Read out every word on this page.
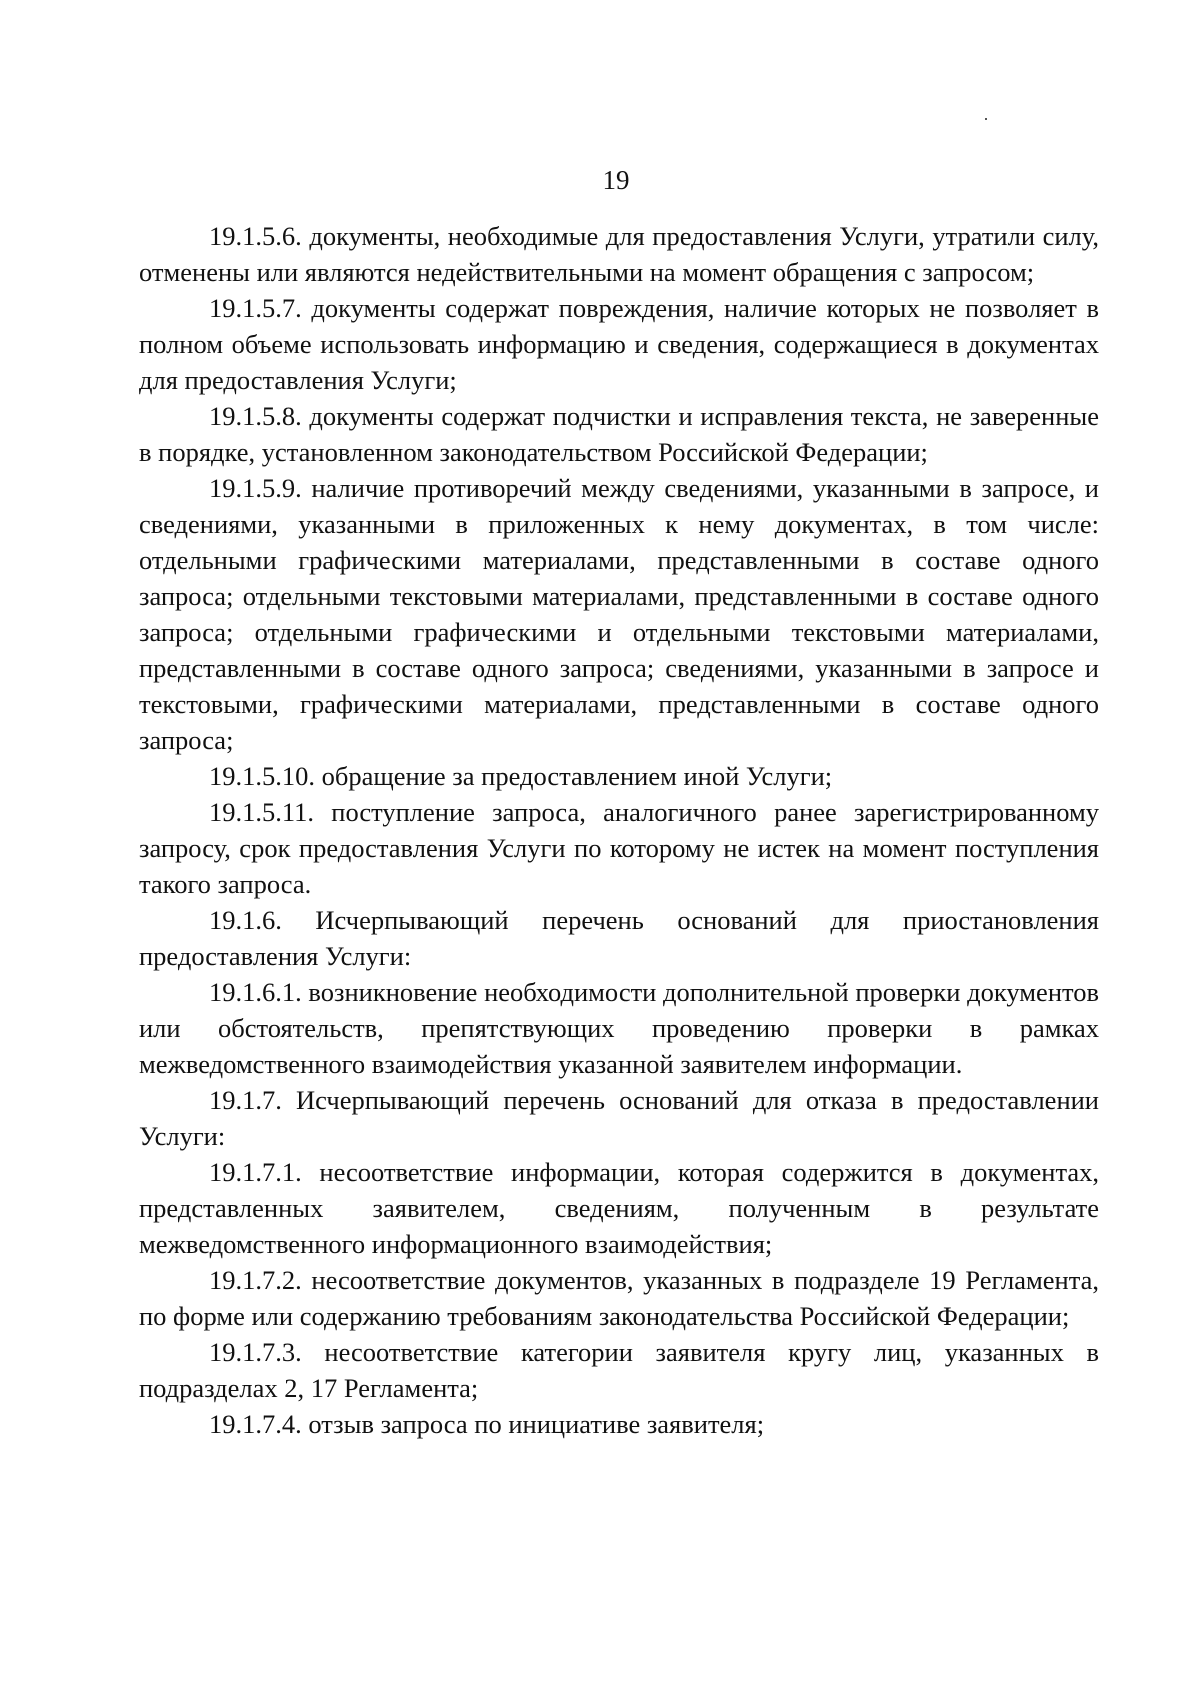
19

19.1.5.6. документы, необходимые для предоставления Услуги, утратили силу, отменены или являются недействительными на момент обращения с запросом;

19.1.5.7. документы содержат повреждения, наличие которых не позволяет в полном объеме использовать информацию и сведения, содержащиеся в документах для предоставления Услуги;

19.1.5.8. документы содержат подчистки и исправления текста, не заверенные в порядке, установленном законодательством Российской Федерации;

19.1.5.9. наличие противоречий между сведениями, указанными в запросе, и сведениями, указанными в приложенных к нему документах, в том числе: отдельными графическими материалами, представленными в составе одного запроса; отдельными текстовыми материалами, представленными в составе одного запроса; отдельными графическими и отдельными текстовыми материалами, представленными в составе одного запроса; сведениями, указанными в запросе и текстовыми, графическими материалами, представленными в составе одного запроса;

19.1.5.10. обращение за предоставлением иной Услуги;

19.1.5.11. поступление запроса, аналогичного ранее зарегистрированному запросу, срок предоставления Услуги по которому не истек на момент поступления такого запроса.

19.1.6. Исчерпывающий перечень оснований для приостановления предоставления Услуги:

19.1.6.1. возникновение необходимости дополнительной проверки документов или обстоятельств, препятствующих проведению проверки в рамках межведомственного взаимодействия указанной заявителем информации.

19.1.7. Исчерпывающий перечень оснований для отказа в предоставлении Услуги:

19.1.7.1. несоответствие информации, которая содержится в документах, представленных заявителем, сведениям, полученным в результате межведомственного информационного взаимодействия;

19.1.7.2. несоответствие документов, указанных в подразделе 19 Регламента, по форме или содержанию требованиям законодательства Российской Федерации;

19.1.7.3. несоответствие категории заявителя кругу лиц, указанных в подразделах 2, 17 Регламента;

19.1.7.4. отзыв запроса по инициативе заявителя;
